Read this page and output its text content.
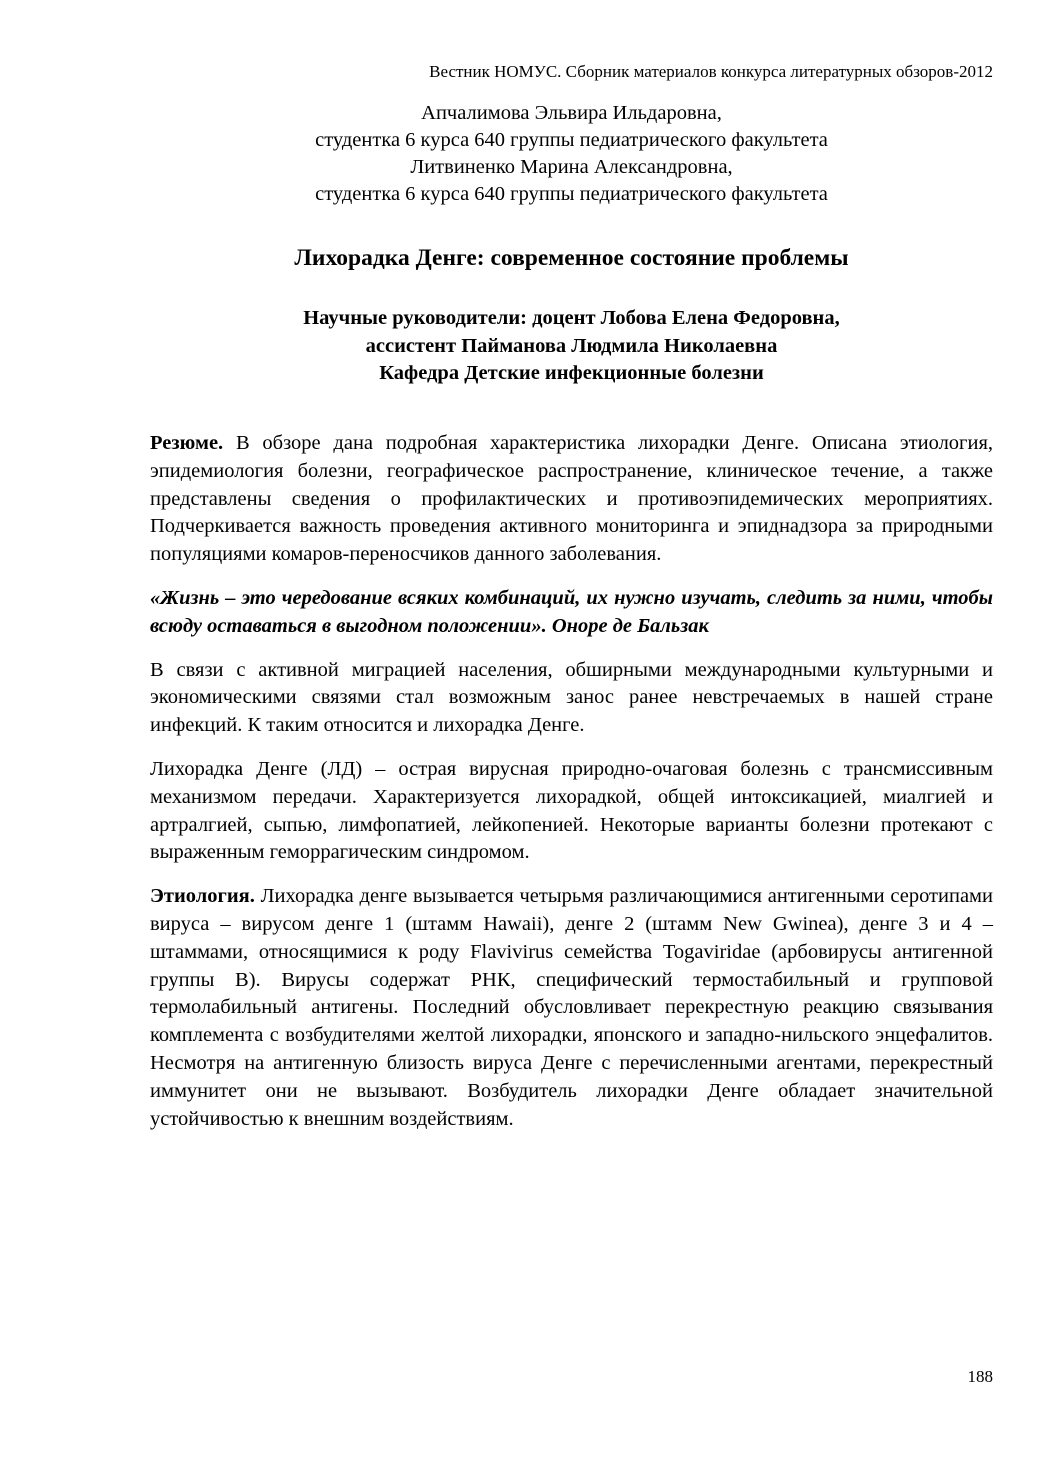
Вестник НОМУС. Сборник материалов конкурса литературных обзоров-2012
Апчалимова Эльвира Ильдаровна,
студентка 6 курса 640 группы педиатрического факультета
Литвиненко Марина Александровна,
студентка 6 курса 640 группы педиатрического факультета
Лихорадка Денге: современное состояние проблемы
Научные руководители: доцент Лобова Елена Федоровна,
ассистент Пайманова Людмила Николаевна
Кафедра Детские инфекционные болезни

Резюме. В обзоре дана подробная характеристика лихорадки Денге. Описана этиология, эпидемиология болезни, географическое распространение, клиническое течение, а также представлены сведения о профилактических и противоэпидемических мероприятиях. Подчеркивается важность проведения активного мониторинга и эпиднадзора за природными популяциями комаров-переносчиков данного заболевания.

«Жизнь – это чередование всяких комбинаций, их нужно изучать, следить за ними, чтобы всюду оставаться в выгодном положении». Оноре де Бальзак

В связи с активной миграцией населения, обширными международными культурными и экономическими связями стал возможным занос ранее невстречаемых в нашей стране инфекций. К таким относится и лихорадка Денге.

Лихорадка Денге (ЛД) – острая вирусная природно-очаговая болезнь с трансмиссивным механизмом передачи. Характеризуется лихорадкой, общей интоксикацией, миалгией и артралгией, сыпью, лимфопатией, лейкопенией. Некоторые варианты болезни протекают с выраженным геморрагическим синдромом.

Этиология. Лихорадка денге вызывается четырьмя различающимися антигенными серотипами вируса – вирусом денге 1 (штамм Hawaii), денге 2 (штамм New Gwinea), денге 3 и 4 – штаммами, относящимися к роду Flavivirus семейства Togaviridae (арбовирусы антигенной группы В). Вирусы содержат РНК, специфический термостабильный и групповой термолабильный антигены. Последний обусловливает перекрестную реакцию связывания комплемента с возбудителями желтой лихорадки, японского и западно-нильского энцефалитов. Несмотря на антигенную близость вируса Денге с перечисленными агентами, перекрестный иммунитет они не вызывают. Возбудитель лихорадки Денге обладает значительной устойчивостью к внешним воздействиям.

188
